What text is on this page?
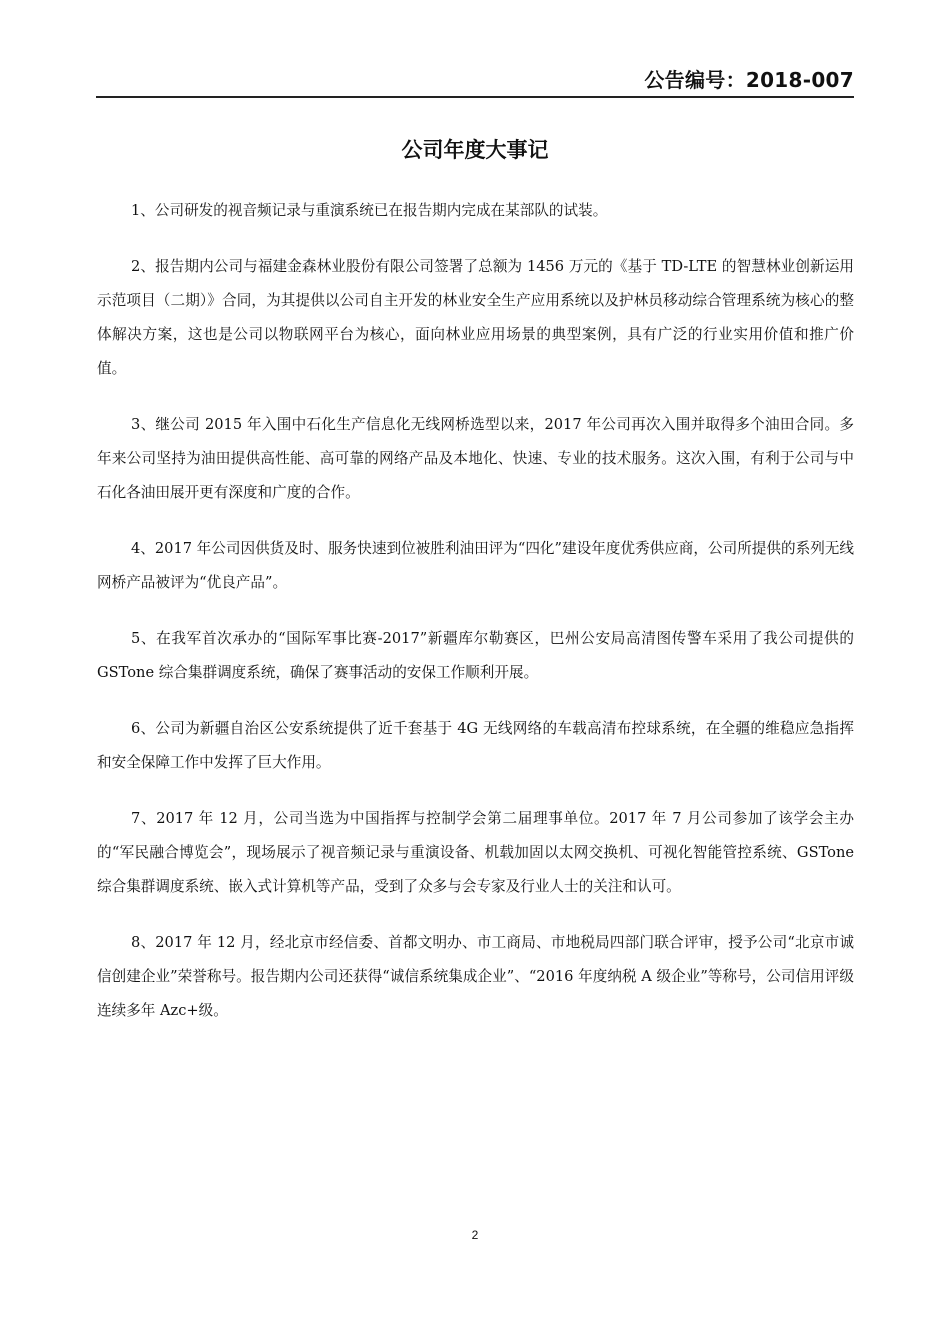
公告编号：2018-007
公司年度大事记

1、公司研发的视音频记录与重演系统已在报告期内完成在某部队的试装。

2、报告期内公司与福建金森林业股份有限公司签署了总额为 1456 万元的《基于 TD-LTE 的智慧林业创新运用示范项目（二期）》合同，为其提供以公司自主开发的林业安全生产应用系统以及护林员移动综合管理系统为核心的整体解决方案，这也是公司以物联网平台为核心，面向林业应用场景的典型案例，具有广泛的行业实用价值和推广价值。

3、继公司 2015 年入围中石化生产信息化无线网桥选型以来，2017 年公司再次入围并取得多个油田合同。多年来公司坚持为油田提供高性能、高可靠的网络产品及本地化、快速、专业的技术服务。这次入围，有利于公司与中石化各油田展开更有深度和广度的合作。

4、2017 年公司因供货及时、服务快速到位被胜利油田评为“四化”建设年度优秀供应商，公司所提供的系列无线网桥产品被评为“优良产品”。

5、在我军首次承办的“国际军事比赛-2017”新疆库尔勒赛区，巴州公安局高清图传警车采用了我公司提供的 GSTone 综合集群调度系统，确保了赛事活动的安保工作顺利开展。

6、公司为新疆自治区公安系统提供了近千套基于 4G 无线网络的车载高清布控球系统，在全疆的维稳应急指挥和安全保障工作中发挥了巨大作用。

7、2017 年 12 月，公司当选为中国指挥与控制学会第二届理事单位。2017 年 7 月公司参加了该学会主办的“军民融合博览会”，现场展示了视音频记录与重演设备、机载加固以太网交换机、可视化智能管控系统、GSTone 综合集群调度系统、嵌入式计算机等产品，受到了众多与会专家及行业人士的关注和认可。

8、2017 年 12 月，经北京市经信委、首都文明办、市工商局、市地税局四部门联合评审，授予公司“北京市诚信创建企业”荣誉称号。报告期内公司还获得“诚信系统集成企业”、“2016 年度纳税 A 级企业”等称号，公司信用评级连续多年 Azc+级。

2
